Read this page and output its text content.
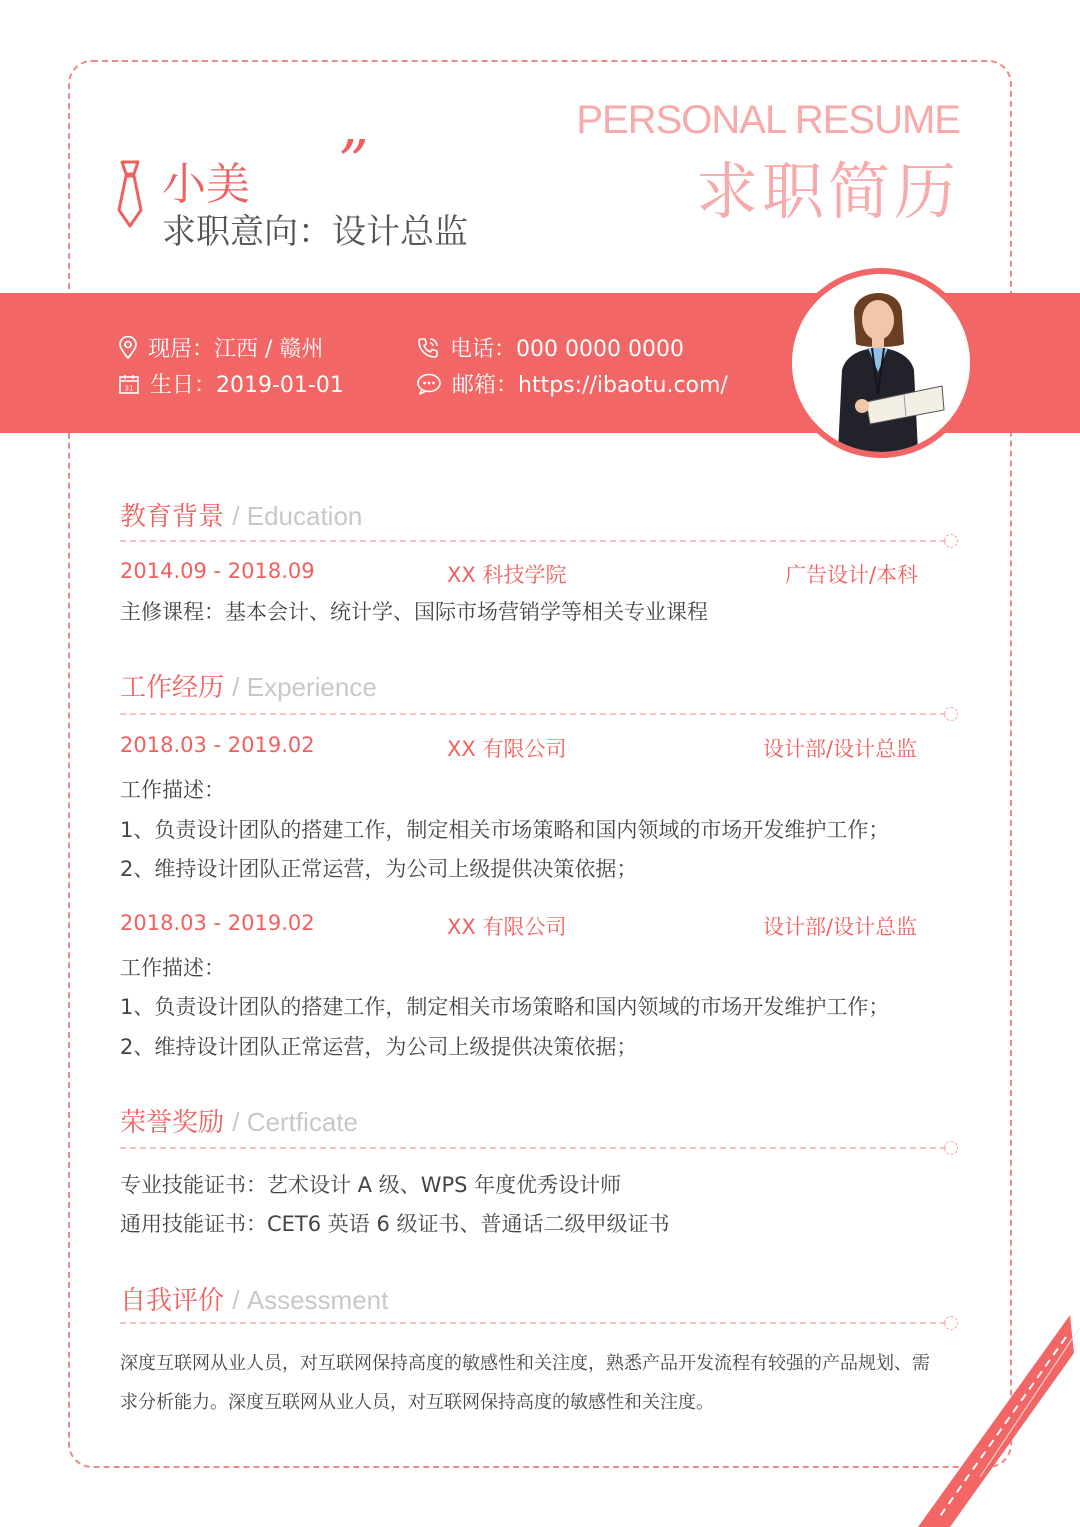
PERSONAL RESUME
求职简历
小美 ”
求职意向：设计总监
现居：江西 / 赣州
31 生日：2019-01-01
电话：000 0000 0000
邮箱：https://ibaotu.com/
教育背景 / Education
2014.09 - 2018.09	XX 科技学院	广告设计/本科
主修课程：基本会计、统计学、国际市场营销学等相关专业课程
工作经历 / Experience
2018.03 - 2019.02	XX 有限公司	设计部/设计总监
工作描述：
1、负责设计团队的搭建工作，制定相关市场策略和国内领域的市场开发维护工作；
2、维持设计团队正常运营，为公司上级提供决策依据；
2018.03 - 2019.02	XX 有限公司	设计部/设计总监
工作描述：
1、负责设计团队的搭建工作，制定相关市场策略和国内领域的市场开发维护工作；
2、维持设计团队正常运营，为公司上级提供决策依据；
荣誉奖励 / Certficate
专业技能证书：艺术设计 A 级、WPS 年度优秀设计师
通用技能证书：CET6 英语 6 级证书、普通话二级甲级证书
自我评价 / Assessment
深度互联网从业人员，对互联网保持高度的敏感性和关注度，熟悉产品开发流程有较强的产品规划、需
求分析能力。深度互联网从业人员，对互联网保持高度的敏感性和关注度。
